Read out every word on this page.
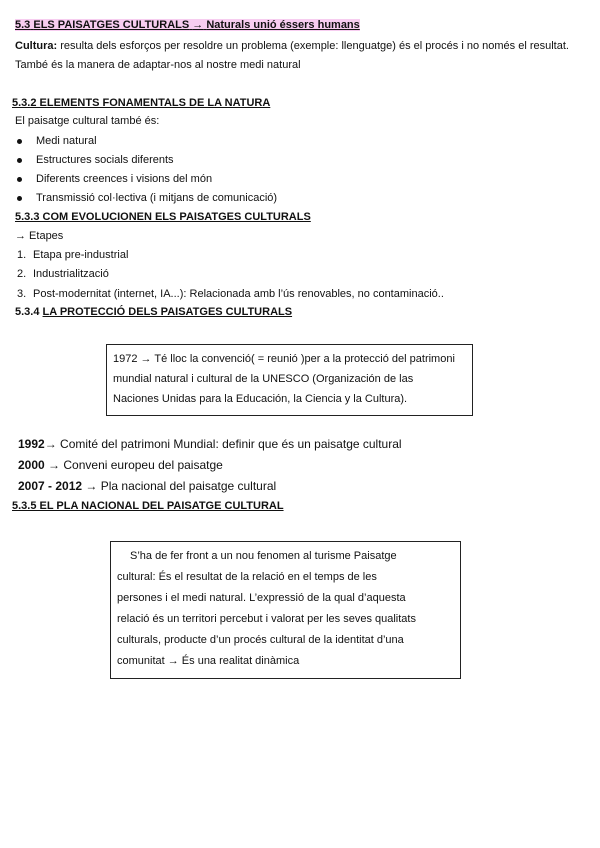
5.3 ELS PAISATGES CULTURALS → Naturals unió éssers humans
Cultura: resulta dels esforços per resoldre un problema (exemple: llenguatge) és el procés i no només el resultat.
També és la manera de adaptar-nos al nostre medi natural
5.3.2 ELEMENTS FONAMENTALS DE LA NATURA
El paisatge cultural també és:
Medi natural
Estructures socials diferents
Diferents creences i visions del món
Transmissió col·lectiva (i mitjans de comunicació)
5.3.3 COM EVOLUCIONEN ELS PAISATGES CULTURALS
→ Etapes
1. Etapa pre-industrial
2. Industrialització
3. Post-modernitat (internet, IA...): Relacionada amb l’ús renovables, no contaminació..
5.3.4 LA PROTECCIÓ DELS PAISATGES CULTURALS

1972 → Té lloc la convenció( = reunió )per a la protecció del patrimoni

mundial natural i cultural de la UNESCO (Organización de las

Naciones Unidas para la Educación, la Ciencia y la Cultura).

1992→ Comité del patrimoni Mundial: definir que és un paisatge cultural
2000 → Conveni europeu del paisatge
2007 - 2012 → Pla nacional del paisatge cultural
5.3.5 EL PLA NACIONAL DEL PAISATGE CULTURAL

S’ha de fer front a un nou fenomen al turisme Paisatge

cultural: És el resultat de la relació en el temps de les

persones i el medi natural. L’expressió de la qual d’aquesta

relació és un territori percebut i valorat per les seves qualitats

culturals, producte d’un procés cultural de la identitat d’una

comunitat → És una realitat dinàmica
